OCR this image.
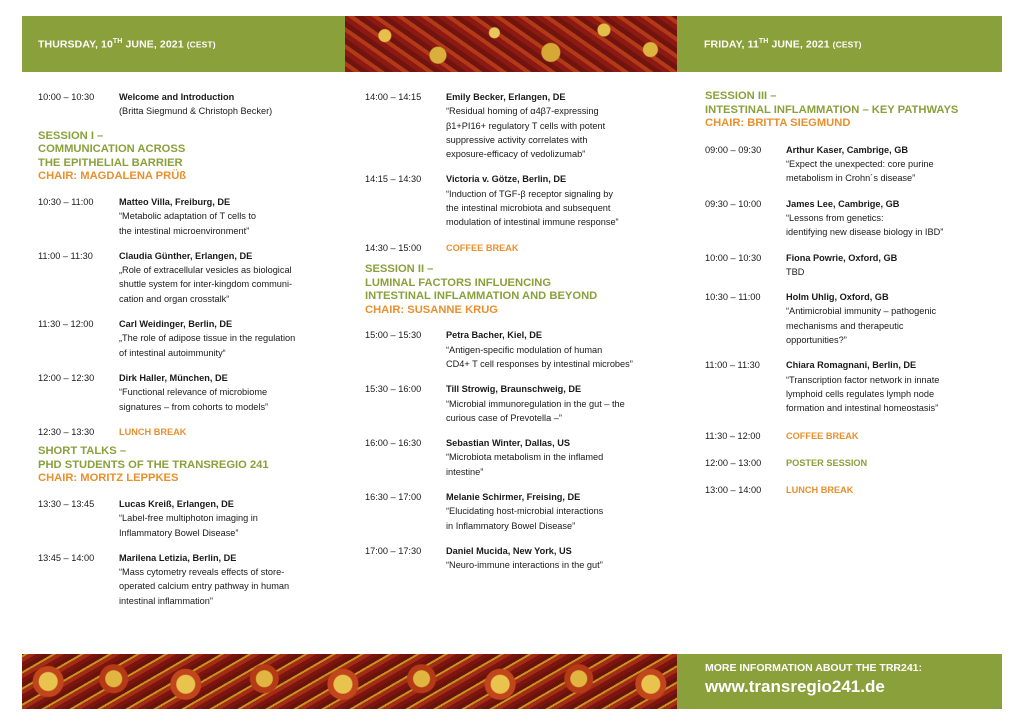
THURSDAY, 10TH JUNE, 2021 (CEST)	FRIDAY, 11TH JUNE, 2021 (CEST)
10:00 – 10:30	Welcome and Introduction
(Britta Siegmund & Christoph Becker)
SESSION I –
COMMUNICATION ACROSS
THE EPITHELIAL BARRIER
CHAIR: MAGDALENA PRÜß
10:30 – 11:00	Matteo Villa, Freiburg, DE
“Metabolic adaptation of T cells to
the intestinal microenvironment”
11:00 – 11:30	Claudia Günther, Erlangen, DE
„Role of extracellular vesicles as biological
shuttle system for inter-kingdom communi-
cation and organ crosstalk“
11:30 – 12:00	Carl Weidinger, Berlin, DE
„The role of adipose tissue in the regulation
of intestinal autoimmunity“
12:00 – 12:30	Dirk Haller, München, DE
“Functional relevance of microbiome
signatures – from cohorts to models”
12:30 – 13:30	LUNCH BREAK
SHORT TALKS –
PHD STUDENTS OF THE TRANSREGIO 241
CHAIR: MORITZ LEPPKES
13:30 – 13:45	Lucas Kreiß, Erlangen, DE
“Label-free multiphoton imaging in
Inflammatory Bowel Disease”
13:45 – 14:00	Marilena Letizia, Berlin, DE
“Mass cytometry reveals effects of store-
operated calcium entry pathway in human
intestinal inflammation”
14:00 – 14:15	Emily Becker, Erlangen, DE
“Residual homing of α4β7-expressing
β1+PI16+ regulatory T cells with potent
suppressive activity correlates with
exposure-efficacy of vedolizumab”
14:15 – 14:30	Victoria v. Götze, Berlin, DE
“Induction of TGF-β receptor signaling by
the intestinal microbiota and subsequent
modulation of intestinal immune response”
14:30 – 15:00	COFFEE BREAK
SESSION II –
LUMINAL FACTORS INFLUENCING
INTESTINAL INFLAMMATION AND BEYOND
CHAIR: SUSANNE KRUG
15:00 – 15:30	Petra Bacher, Kiel, DE
“Antigen-specific modulation of human
CD4+ T cell responses by intestinal microbes”
15:30 – 16:00	Till Strowig, Braunschweig, DE
“Microbial immunoregulation in the gut – the
curious case of Prevotella –”
16:00 – 16:30	Sebastian Winter, Dallas, US
“Microbiota metabolism in the inflamed
intestine”
16:30 – 17:00	Melanie Schirmer, Freising, DE
“Elucidating host-microbial interactions
in Inflammatory Bowel Disease”
17:00 – 17:30	Daniel Mucida, New York, US
“Neuro-immune interactions in the gut”
SESSION III –
INTESTINAL INFLAMMATION – KEY PATHWAYS
CHAIR: BRITTA SIEGMUND
09:00 – 09:30	Arthur Kaser, Cambrige, GB
“Expect the unexpected: core purine
metabolism in Crohn´s disease”
09:30 – 10:00	James Lee, Cambrige, GB
“Lessons from genetics:
identifying new disease biology in IBD”
10:00 – 10:30	Fiona Powrie, Oxford, GB
TBD
10:30 – 11:00	Holm Uhlig, Oxford, GB
“Antimicrobial immunity – pathogenic
mechanisms and therapeutic
opportunities?”
11:00 – 11:30	Chiara Romagnani, Berlin, DE
“Transcription factor network in innate
lymphoid cells regulates lymph node
formation and intestinal homeostasis”
11:30 – 12:00	COFFEE BREAK
12:00 – 13:00	POSTER SESSION
13:00 – 14:00	LUNCH BREAK
MORE INFORMATION ABOUT THE TRR241:
www.transregio241.de
